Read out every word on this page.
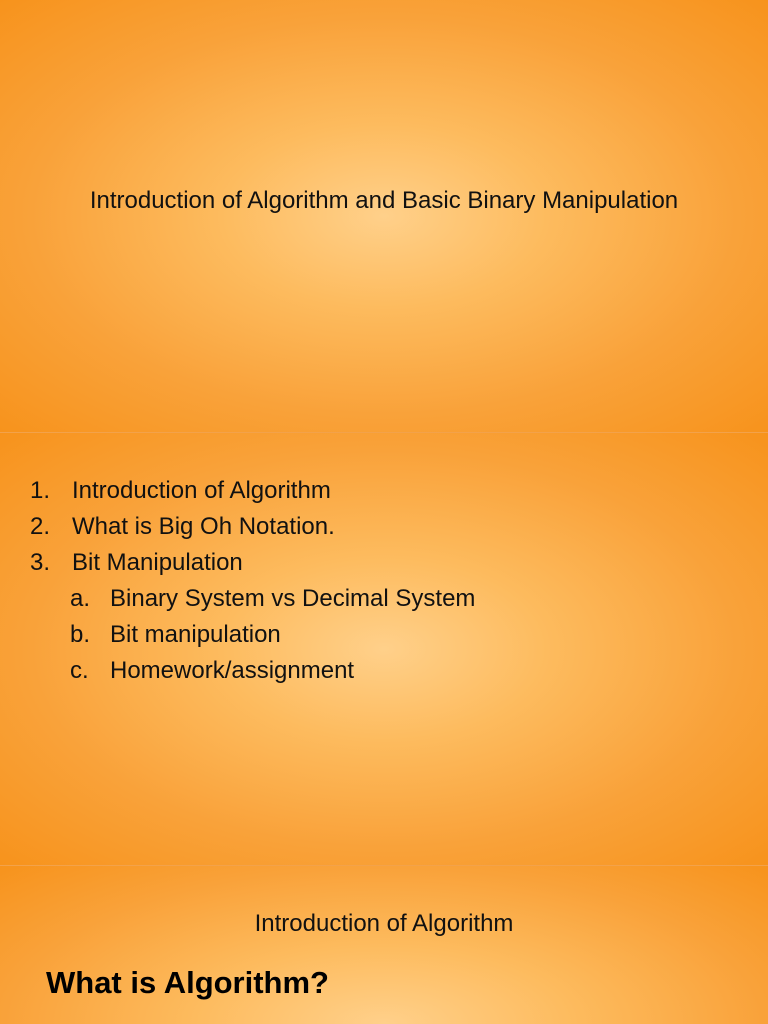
Introduction of Algorithm and Basic Binary Manipulation
1. Introduction of Algorithm
2. What is Big Oh Notation.
3. Bit Manipulation
a. Binary System vs Decimal System
b. Bit manipulation
c. Homework/assignment
Introduction of Algorithm
What is Algorithm?
